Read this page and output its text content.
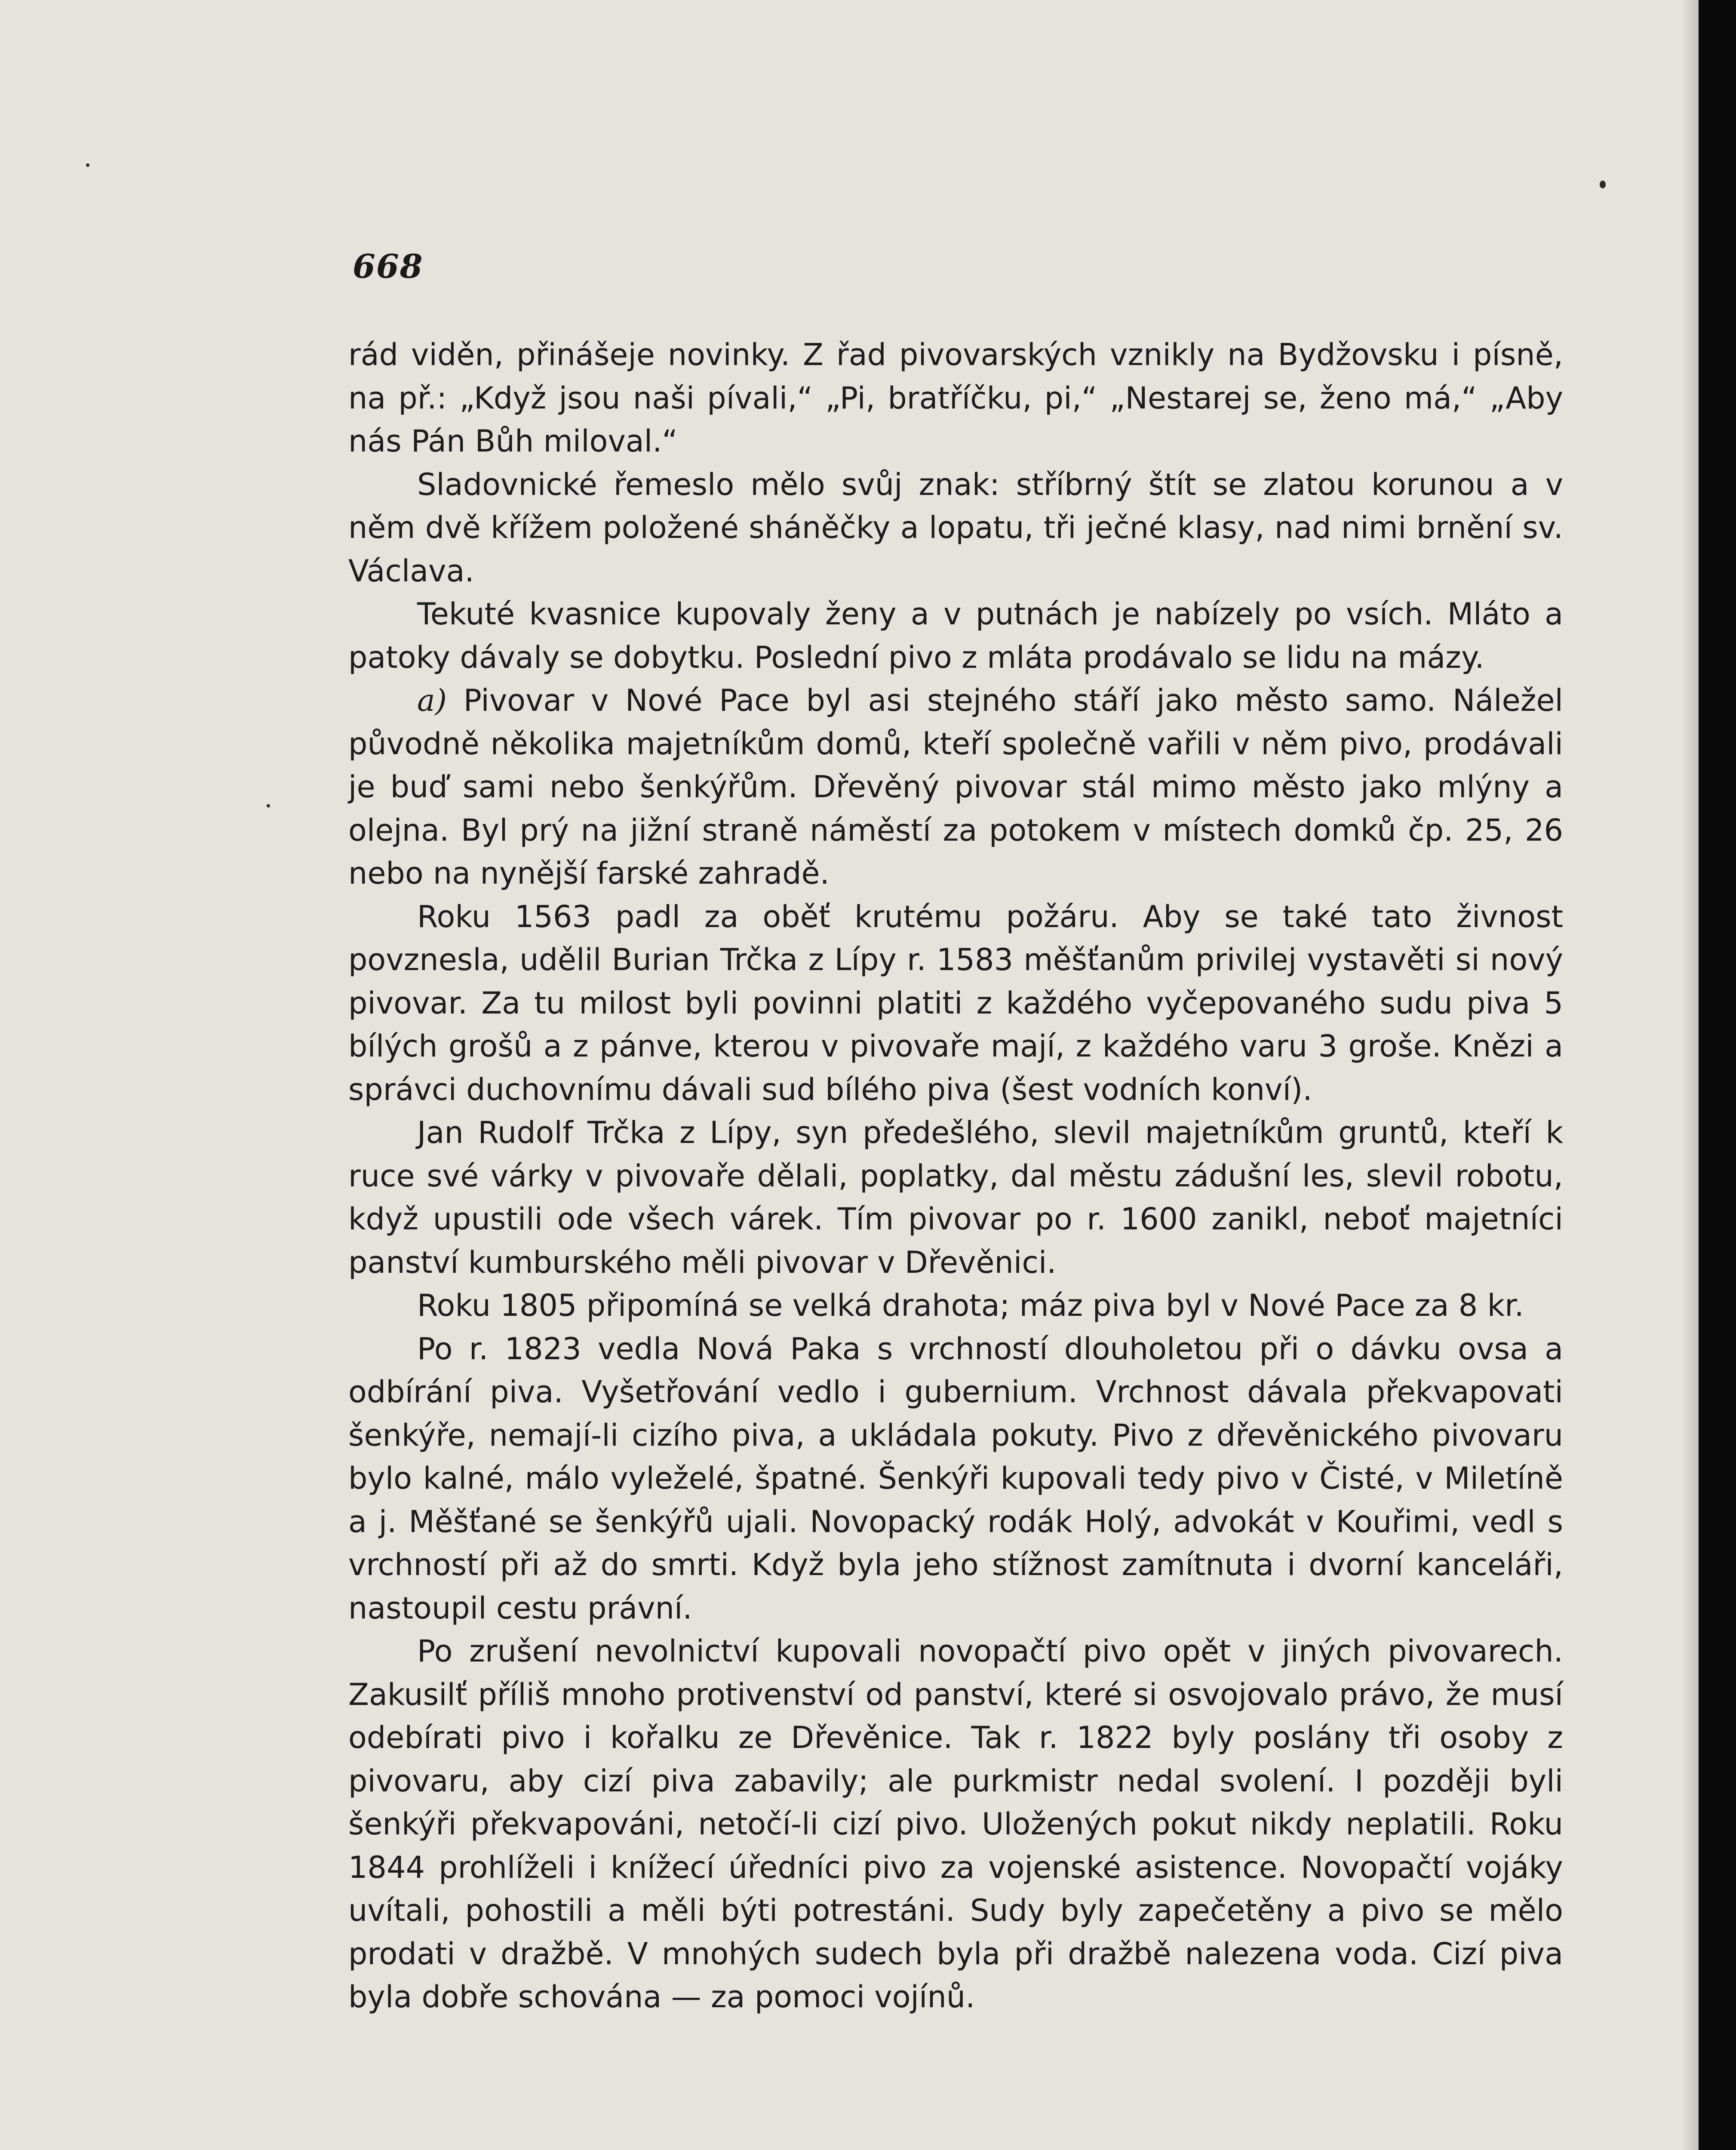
668

rád viděn, přinášeje novinky. Z řad pivovarských vznikly na Bydžovsku i písně, na př.: „Když jsou naši pívali,“ „Pi, bratříčku, pi,“ „Nestarej se, ženo má,“ „Aby nás Pán Bůh miloval.“

Sladovnické řemeslo mělo svůj znak: stříbrný štít se zlatou korunou a v něm dvě křížem položené sháněčky a lopatu, tři ječné klasy, nad nimi brnění sv. Václava.

Tekuté kvasnice kupovaly ženy a v putnách je nabízely po vsích. Mláto a patoky dávaly se dobytku. Poslední pivo z mláta prodávalo se lidu na mázy.

a) Pivovar v Nové Pace byl asi stejného stáří jako město samo. Náležel původně několika majetníkům domů, kteří společně vařili v něm pivo, prodávali je buď sami nebo šenkýřům. Dřevěný pivovar stál mimo město jako mlýny a olejna. Byl prý na jižní straně náměstí za potokem v místech domků čp. 25, 26 nebo na nynější farské zahradě.

Roku 1563 padl za oběť krutému požáru. Aby se také tato živnost povznesla, udělil Burian Trčka z Lípy r. 1583 měšťanům privilej vystavěti si nový pivovar. Za tu milost byli povinni platiti z každého vyčepovaného sudu piva 5 bílých grošů a z pánve, kterou v pivovaře mají, z každého varu 3 groše. Knězi a správci duchovnímu dávali sud bílého piva (šest vodních konví).

Jan Rudolf Trčka z Lípy, syn předešlého, slevil majetníkům gruntů, kteří k ruce své várky v pivovaře dělali, poplatky, dal městu zádušní les, slevil robotu, když upustili ode všech várek. Tím pivovar po r. 1600 zanikl, neboť majetníci panství kumburského měli pivovar v Dřevěnici.

Roku 1805 připomíná se velká drahota; máz piva byl v Nové Pace za 8 kr.

Po r. 1823 vedla Nová Paka s vrchností dlouholetou při o dávku ovsa a odbírání piva. Vyšetřování vedlo i gubernium. Vrchnost dávala překvapovati šenkýře, nemají-li cizího piva, a ukládala pokuty. Pivo z dřevěnického pivovaru bylo kalné, málo vyleželé, špatné. Šenkýři kupovali tedy pivo v Čisté, v Miletíně a j. Měšťané se šenkýřů ujali. Novopacký rodák Holý, advokát v Kouřimi, vedl s vrchností při až do smrti. Když byla jeho stížnost zamítnuta i dvorní kanceláři, nastoupil cestu právní.

Po zrušení nevolnictví kupovali novopačtí pivo opět v jiných pivovarech. Zakusilť příliš mnoho protivenství od panství, které si osvojovalo právo, že musí odebírati pivo i kořalku ze Dřevěnice. Tak r. 1822 byly poslány tři osoby z pivovaru, aby cizí piva zabavily; ale purkmistr nedal svolení. I později byli šenkýři překvapováni, netočí-li cizí pivo. Uložených pokut nikdy neplatili. Roku 1844 prohlíželi i knížecí úředníci pivo za vojenské asistence. Novopačtí vojáky uvítali, pohostili a měli býti potrestáni. Sudy byly zapečetěny a pivo se mělo prodati v dražbě. V mnohých sudech byla při dražbě nalezena voda. Cizí piva byla dobře schována — za pomoci vojínů.
